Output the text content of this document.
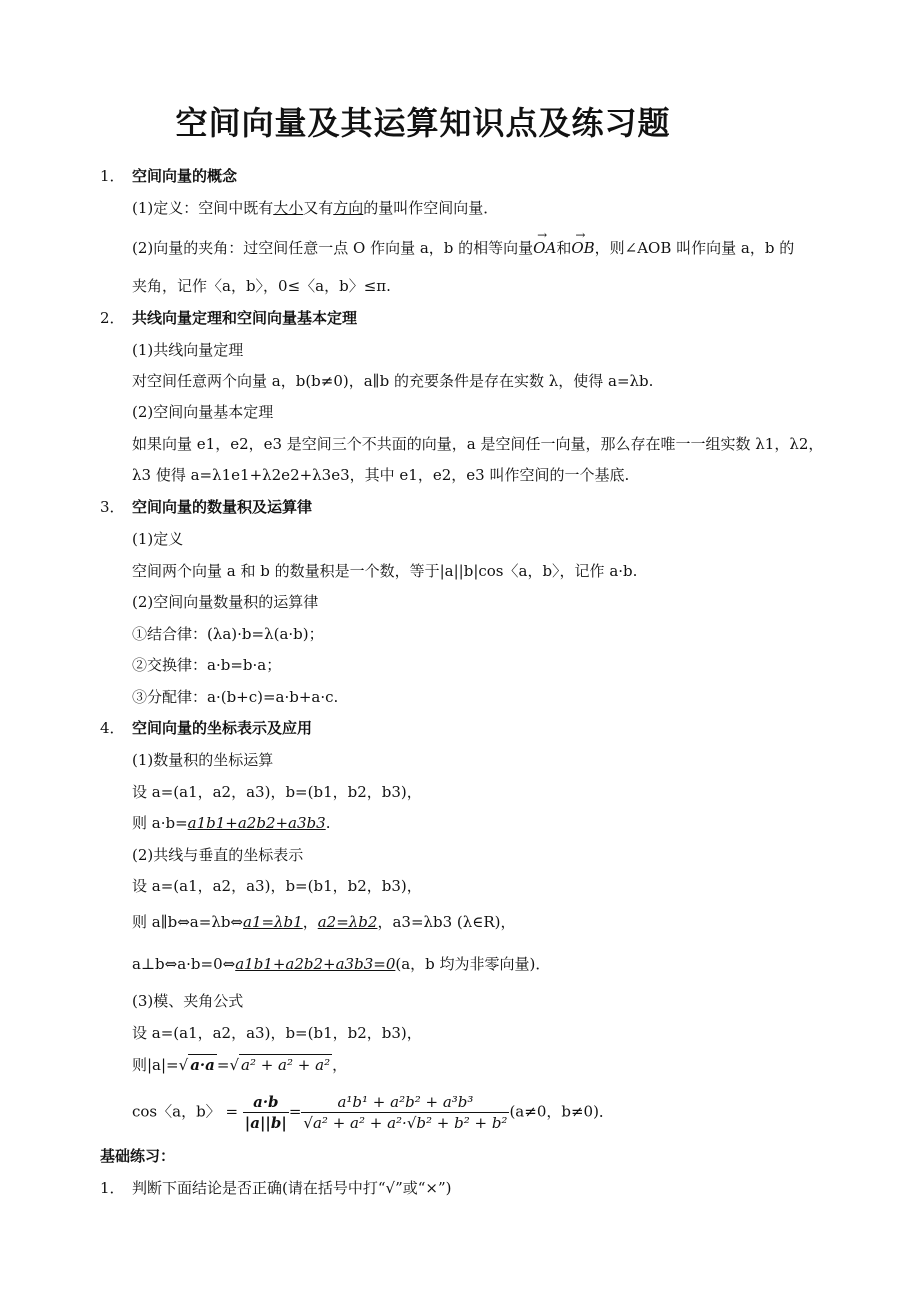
空间向量及其运算知识点及练习题
1． 空间向量的概念
(1)定义：空间中既有大小又有方向的量叫作空间向量．
(2)向量的夹角：过空间任意一点 O 作向量 a，b 的相等向量→ OA和→ OB，则∠AOB 叫作向量 a，b 的
夹角，记作〈a，b〉，0≤〈a，b〉≤π.
2． 共线向量定理和空间向量基本定理
(1)共线向量定理
对空间任意两个向量 a，b(b≠0)，a∥b 的充要条件是存在实数 λ，使得 a=λb.
(2)空间向量基本定理
如果向量 e1，e2，e3 是空间三个不共面的向量，a 是空间任一向量，那么存在唯一一组实数 λ1，λ2，
λ3 使得 a=λ1e1+λ2e2+λ3e3，其中 e1，e2，e3 叫作空间的一个基底.
3． 空间向量的数量积及运算律
(1)定义
空间两个向量 a 和 b 的数量积是一个数，等于|a||b|cos〈a，b〉，记作 a·b.
(2)空间向量数量积的运算律
①结合律：(λa)·b=λ(a·b)；
②交换律：a·b=b·a；
③分配律：a·(b+c)=a·b+a·c.
4． 空间向量的坐标表示及应用
(1)数量积的坐标运算
设 a=(a1，a2，a3)，b=(b1，b2，b3)，
则 a·b=a1b1+a2b2+a3b3.
(2)共线与垂直的坐标表示
设 a=(a1，a2，a3)，b=(b1，b2，b3)，
则 a∥b⇔a=λb⇔a1=λb1，a2=λb2，a3=λb3 (λ∈R)，
a⊥b⇔a·b=0⇔a1b1+a2b2+a3b3=0(a，b 均为非零向量)．
(3)模、夹角公式
设 a=(a1，a2，a3)，b=(b1，b2，b3)，
则|a|=√ a·a =√ a² + a² + a² ，
cos〈a，b〉 = $\frac{a\cdot b}{|a||b|} = \frac{\text{a¹b¹ + a²b² + a³b³}}{\text{√a² + a² + a²·√b² + b² + b²}} (a\ne 0$，b≠0)．
基础练习：
1． 判断下面结论是否正确(请在括号中打“√”或“×”)
